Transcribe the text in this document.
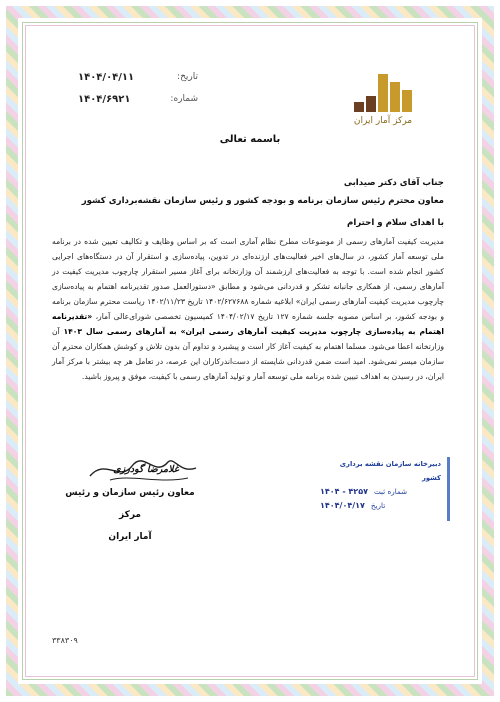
مرکز آمار ایران
تاریخ:
۱۴۰۴/۰۴/۱۱
شماره:
۱۴۰۴/۶۹۲۱
باسمه تعالی
جناب آقای دکتر صیدابی
معاون محترم رئیس سازمان برنامه و بودجه کشور و رئیس سازمان نقشه‌برداری کشور
با اهدای سلام و احترام
مدیریت کیفیت آمارهای رسمی از موضوعات مطرح نظام آماری است که بر اساس وظایف و تکالیف تعیین شده در برنامه ملی توسعه آمار کشور، در سال‌های اخیر فعالیت‌های ارزنده‌ای در تدوین، پیاده‌سازی و استقرار آن در دستگاه‌های اجرایی کشور انجام شده است. با توجه به فعالیت‌های ارزشمند آن وزارتخانه برای آغاز مسیر استقرار چارچوب مدیریت کیفیت در آمارهای رسمی، از همکاری جانبانه تشکر و قدردانی می‌شود و مطابق «دستورالعمل صدور تقدیرنامه اهتمام به پیاده‌سازی چارچوب مدیریت کیفیت آمارهای رسمی ایران» ابلاغیه شماره ۱۴۰۲/۶۲۷۶۸۸ تاریخ ۱۴۰۲/۱۱/۲۳ ریاست محترم سازمان برنامه و بودجه کشور، بر اساس مصوبه جلسه شماره ۱۲۷ تاریخ ۱۴۰۴/۰۲/۱۷ کمیسیون تخصصی شورای‌عالی آمار، «تقدیرنامه اهتمام به پیاده‌سازی چارچوب مدیریت کیفیت آمارهای رسمی ایران» به آمارهای رسمی سال ۱۴۰۳ آن وزارتخانه اعطا می‌شود. مسلما اهتمام به کیفیت آغاز کار است و پیشبرد و تداوم آن بدون تلاش و کوشش همکاران محترم آن سازمان میسر نمی‌شود. امید است ضمن قدردانی شایسته از دست‌اندرکاران این عرصه، در تعامل هر چه بیشتر با مرکز آمار ایران، در رسیدن به اهداف تبیین شده برنامه ملی توسعه آمار و تولید آمارهای رسمی با کیفیت، موفق و پیروز باشید.
دبیرخانه سازمان نقشه برداری کشور
شماره ثبت
۴۲۵۷ - ۱۴۰۴
تاریخ
۱۴۰۴/۰۴/۱۷
غلامرضا گودرزی
معاون رئیس سازمان و رئیس مرکز
آمار ایران
۳۳۸۳۰۹
